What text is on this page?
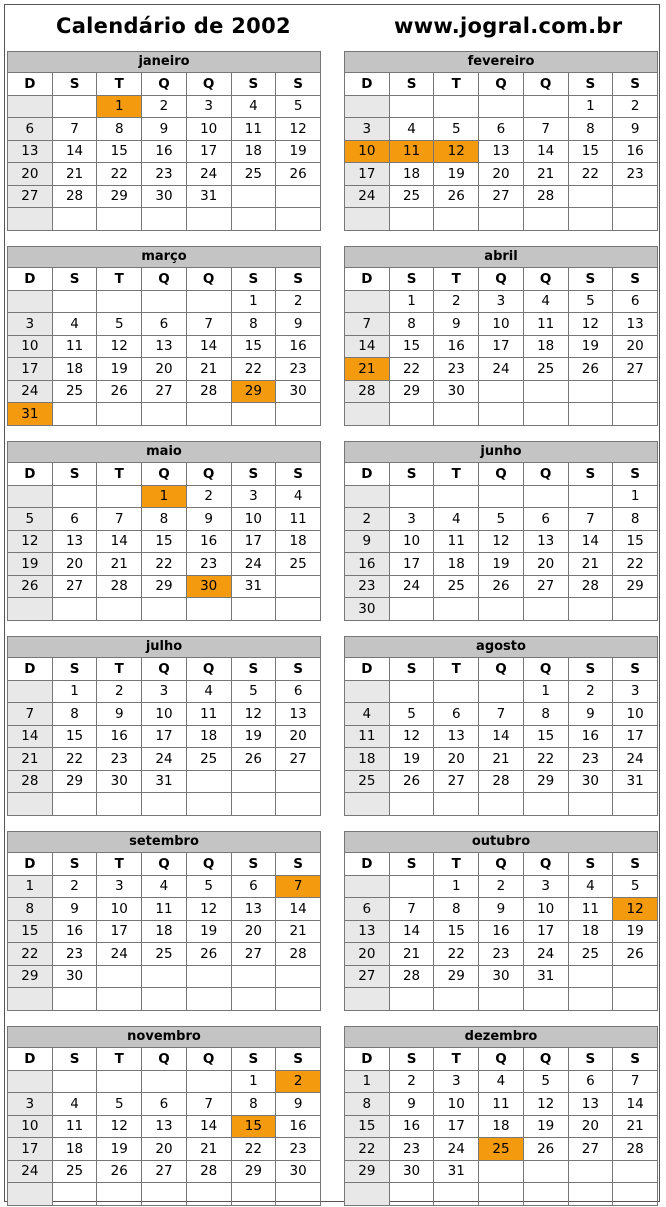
Calendário de 2002	www.jogral.com.br
janeiro						
D	S	T	Q	Q	S	S
		1	2	3	4	5
6	7	8	9	10	11	12
13	14	15	16	17	18	19
20	21	22	23	24	25	26
27	28	29	30	31		

fevereiro						
D	S	T	Q	Q	S	S
					1	2
3	4	5	6	7	8	9
10	11	12	13	14	15	16
17	18	19	20	21	22	23
24	25	26	27	28		

março						
D	S	T	Q	Q	S	S
					1	2
3	4	5	6	7	8	9
10	11	12	13	14	15	16
17	18	19	20	21	22	23
24	25	26	27	28	29	30
31						
abril						
D	S	T	Q	Q	S	S
	1	2	3	4	5	6
7	8	9	10	11	12	13
14	15	16	17	18	19	20
21	22	23	24	25	26	27
28	29	30				

maio						
D	S	T	Q	Q	S	S
			1	2	3	4
5	6	7	8	9	10	11
12	13	14	15	16	17	18
19	20	21	22	23	24	25
26	27	28	29	30	31	

junho						
D	S	T	Q	Q	S	S
						1
2	3	4	5	6	7	8
9	10	11	12	13	14	15
16	17	18	19	20	21	22
23	24	25	26	27	28	29
30						
julho						
D	S	T	Q	Q	S	S
	1	2	3	4	5	6
7	8	9	10	11	12	13
14	15	16	17	18	19	20
21	22	23	24	25	26	27
28	29	30	31			

agosto						
D	S	T	Q	Q	S	S
				1	2	3
4	5	6	7	8	9	10
11	12	13	14	15	16	17
18	19	20	21	22	23	24
25	26	27	28	29	30	31

setembro						
D	S	T	Q	Q	S	S
1	2	3	4	5	6	7
8	9	10	11	12	13	14
15	16	17	18	19	20	21
22	23	24	25	26	27	28
29	30					

outubro						
D	S	T	Q	Q	S	S
		1	2	3	4	5
6	7	8	9	10	11	12
13	14	15	16	17	18	19
20	21	22	23	24	25	26
27	28	29	30	31		

novembro						
D	S	T	Q	Q	S	S
					1	2
3	4	5	6	7	8	9
10	11	12	13	14	15	16
17	18	19	20	21	22	23
24	25	26	27	28	29	30

dezembro						
D	S	T	Q	Q	S	S
1	2	3	4	5	6	7
8	9	10	11	12	13	14
15	16	17	18	19	20	21
22	23	24	25	26	27	28
29	30	31				
